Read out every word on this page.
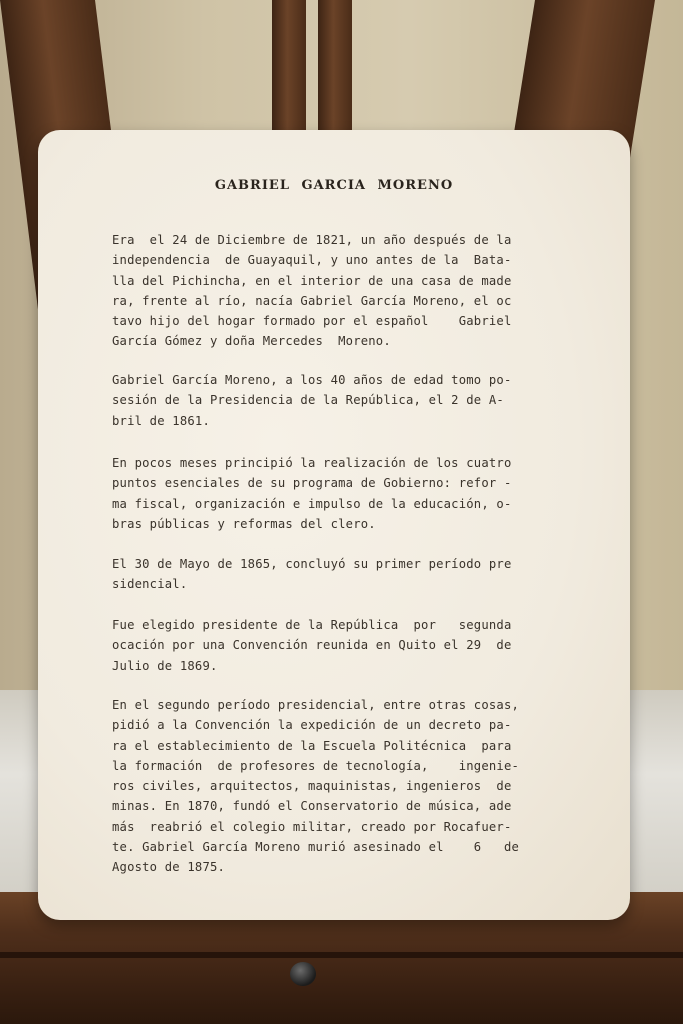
GABRIEL GARCIA MORENO
Era  el 24 de Diciembre de 1821, un año después de la
independencia  de Guayaquil, y uno antes de la  Bata-
lla del Pichincha, en el interior de una casa de made
ra, frente al río, nacía Gabriel García Moreno, el oc
tavo hijo del hogar formado por el español    Gabriel
García Gómez y doña Mercedes  Moreno.
Gabriel García Moreno, a los 40 años de edad tomo po-
sesión de la Presidencia de la República, el 2 de A-
bril de 1861.
En pocos meses principió la realización de los cuatro
puntos esenciales de su programa de Gobierno: refor -
ma fiscal, organización e impulso de la educación, o-
bras públicas y reformas del clero.
El 30 de Mayo de 1865, concluyó su primer período pre
sidencial.
Fue elegido presidente de la República  por   segunda
ocación por una Convención reunida en Quito el 29  de
Julio de 1869.
En el segundo período presidencial, entre otras cosas,
pidió a la Convención la expedición de un decreto pa-
ra el establecimiento de la Escuela Politécnica  para
la formación  de profesores de tecnología,    ingenie-
ros civiles, arquitectos, maquinistas, ingenieros  de
minas. En 1870, fundó el Conservatorio de música, ade
más  reabrió el colegio militar, creado por Rocafuer-
te. Gabriel García Moreno murió asesinado el    6   de
Agosto de 1875.
